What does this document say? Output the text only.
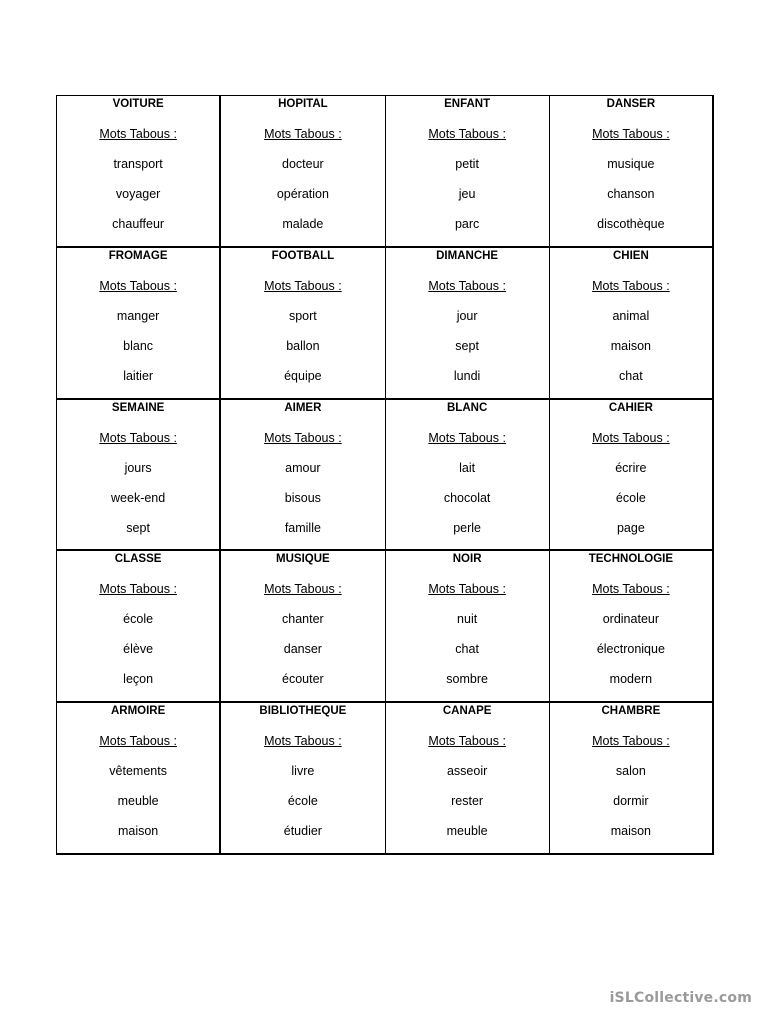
VOITURE
Mots Tabous :
transport
voyager
chauffeur
HOPITAL
Mots Tabous :
docteur
opération
malade
ENFANT
Mots Tabous :
petit
jeu
parc
DANSER
Mots Tabous :
musique
chanson
discothèque
FROMAGE
Mots Tabous :
manger
blanc
laitier
FOOTBALL
Mots Tabous :
sport
ballon
équipe
DIMANCHE
Mots Tabous :
jour
sept
lundi
CHIEN
Mots Tabous :
animal
maison
chat
SEMAINE
Mots Tabous :
jours
week-end
sept
AIMER
Mots Tabous :
amour
bisous
famille
BLANC
Mots Tabous :
lait
chocolat
perle
CAHIER
Mots Tabous :
écrire
école
page
CLASSE
Mots Tabous :
école
élève
leçon
MUSIQUE
Mots Tabous :
chanter
danser
écouter
NOIR
Mots Tabous :
nuit
chat
sombre
TECHNOLOGIE
Mots Tabous :
ordinateur
électronique
modern
ARMOIRE
Mots Tabous :
vêtements
meuble
maison
BIBLIOTHEQUE
Mots Tabous :
livre
école
étudier
CANAPE
Mots Tabous :
asseoir
rester
meuble
CHAMBRE
Mots Tabous :
salon
dormir
maison
iSLCollective.com
